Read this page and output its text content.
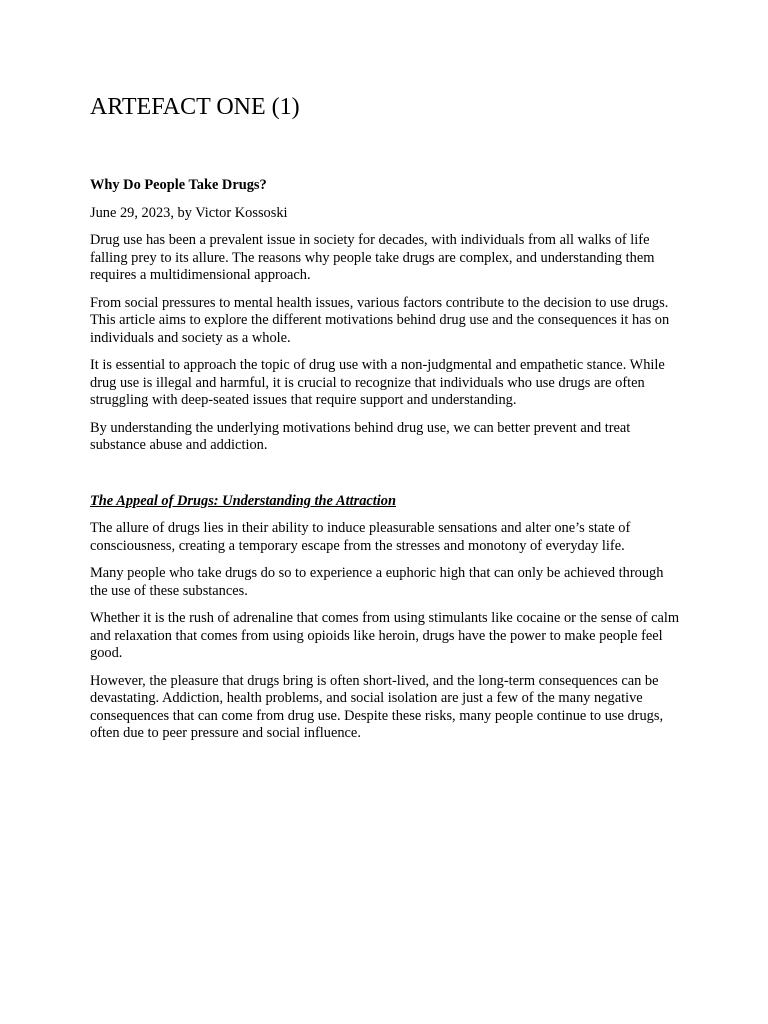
ARTEFACT ONE (1)

Why Do People Take Drugs?

June 29, 2023, by Victor Kossoski

Drug use has been a prevalent issue in society for decades, with individuals from all walks of life falling prey to its allure. The reasons why people take drugs are complex, and understanding them requires a multidimensional approach.

From social pressures to mental health issues, various factors contribute to the decision to use drugs. This article aims to explore the different motivations behind drug use and the consequences it has on individuals and society as a whole.

It is essential to approach the topic of drug use with a non-judgmental and empathetic stance. While drug use is illegal and harmful, it is crucial to recognize that individuals who use drugs are often struggling with deep-seated issues that require support and understanding.

By understanding the underlying motivations behind drug use, we can better prevent and treat substance abuse and addiction.

The Appeal of Drugs: Understanding the Attraction

The allure of drugs lies in their ability to induce pleasurable sensations and alter one’s state of consciousness, creating a temporary escape from the stresses and monotony of everyday life.

Many people who take drugs do so to experience a euphoric high that can only be achieved through the use of these substances.

Whether it is the rush of adrenaline that comes from using stimulants like cocaine or the sense of calm and relaxation that comes from using opioids like heroin, drugs have the power to make people feel good.

However, the pleasure that drugs bring is often short-lived, and the long-term consequences can be devastating. Addiction, health problems, and social isolation are just a few of the many negative consequences that can come from drug use. Despite these risks, many people continue to use drugs, often due to peer pressure and social influence.
